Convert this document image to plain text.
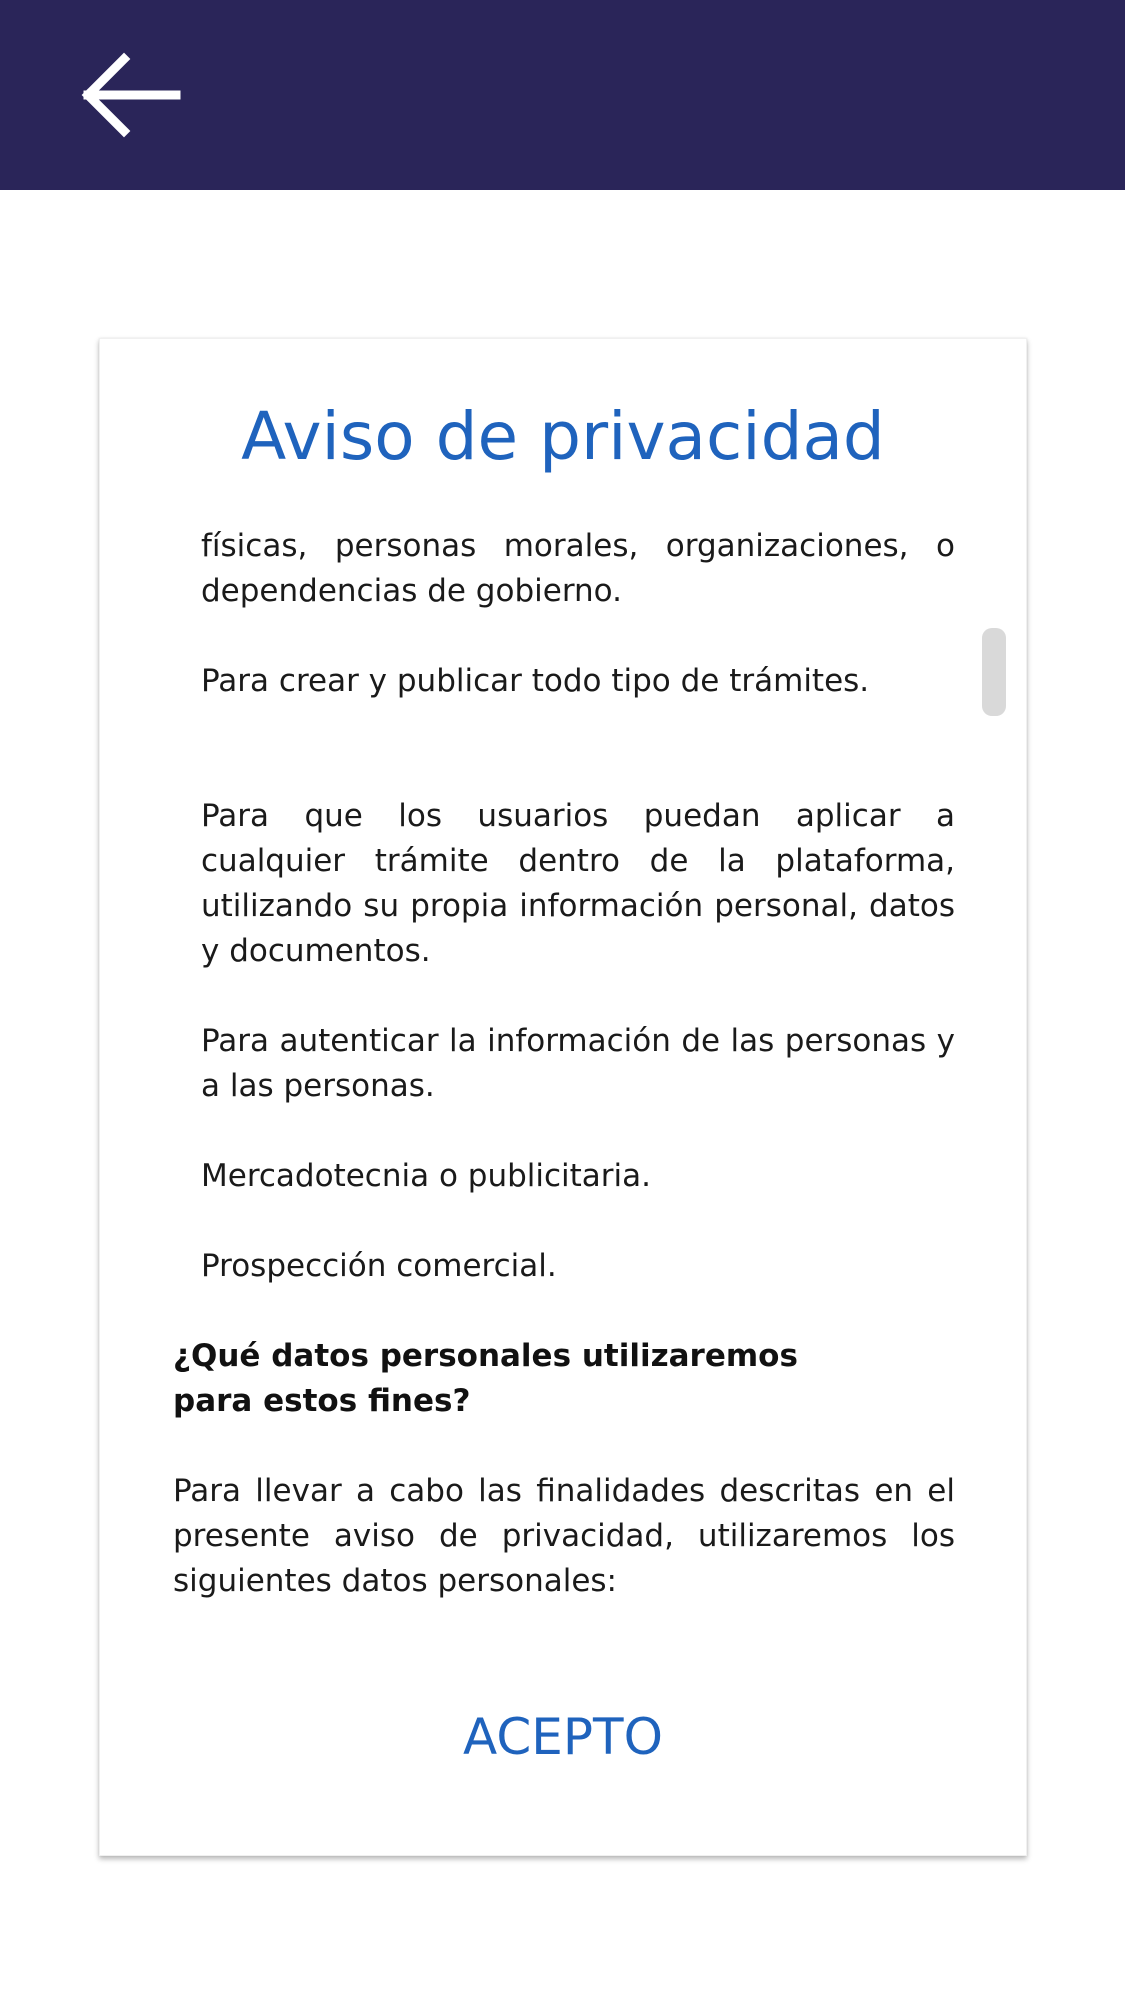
Aviso de privacidad

físicas, personas morales, organizaciones, o dependencias de gobierno.

Para crear y publicar todo tipo de trámites.

Para que los usuarios puedan aplicar a cualquier trámite dentro de la plataforma, utilizando su propia información personal, datos y documentos.

Para autenticar la información de las personas y a las personas.

Mercadotecnia o publicitaria.

Prospección comercial.

¿Qué datos personales utilizaremos
para estos fines?

Para llevar a cabo las finalidades descritas en el presente aviso de privacidad, utilizaremos los siguientes datos personales:

ACEPTO
